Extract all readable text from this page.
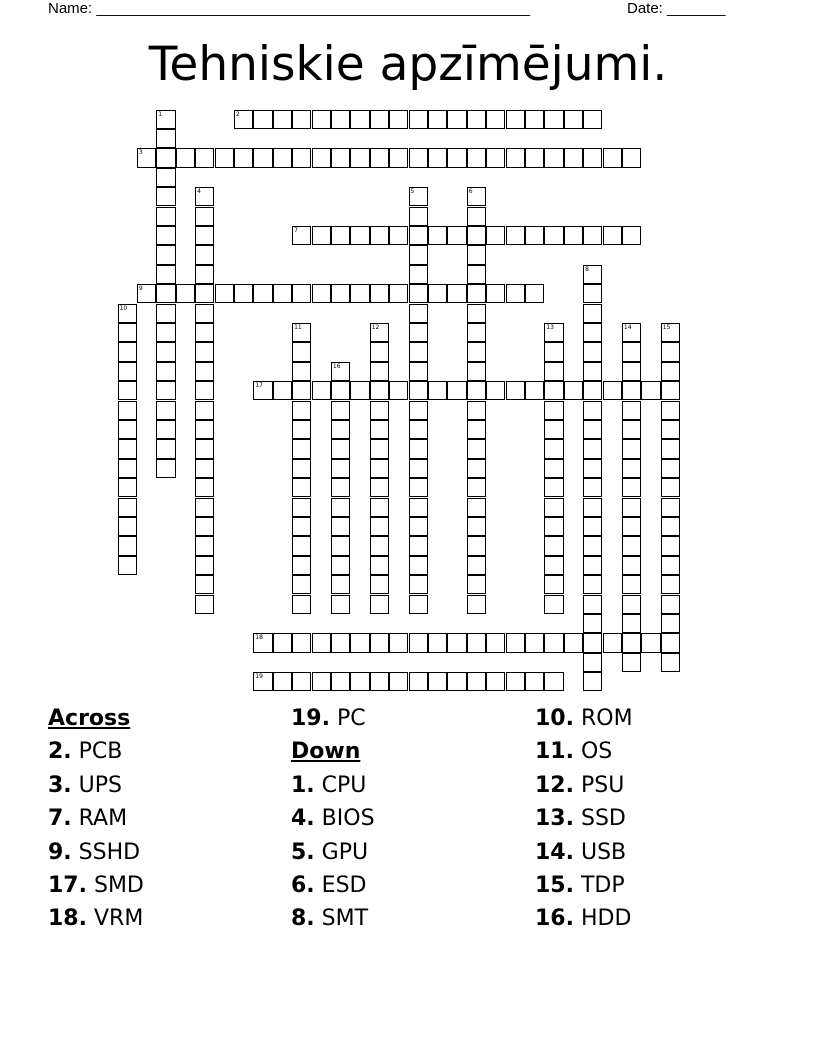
Name: ____________________________________________________	Date: _______
Tehniskie apzīmējumi.
1	2
3
4	5	6
7
8
9
10
11	12	13	14	15
16
17
18
19
Across
2. PCB
3. UPS
7. RAM
9. SSHD
17. SMD
18. VRM
19. PC
Down
1. CPU
4. BIOS
5. GPU
6. ESD
8. SMT
10. ROM
11. OS
12. PSU
13. SSD
14. USB
15. TDP
16. HDD
